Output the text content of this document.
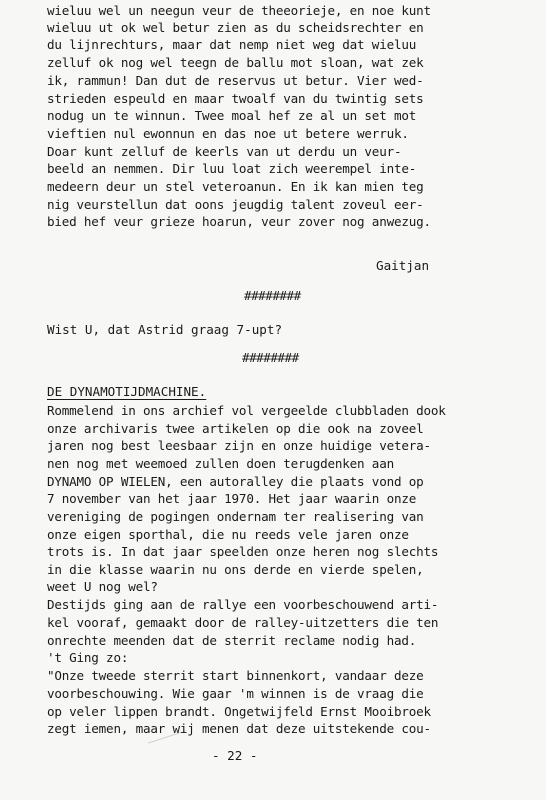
wieluu wel un neegun veur de theeorieje, en noe kunt
wieluu ut ok wel betur zien as du scheidsrechter en
du lijnrechturs, maar dat nemp niet weg dat wieluu
zelluf ok nog wel teegn de ballu mot sloan, wat zek
ik, rammun! Dan dut de reservus ut betur. Vier wed-
strieden espeuld en maar twoalf van du twintig sets
nodug un te winnun. Twee moal hef ze al un set mot
vieftien nul ewonnun en das noe ut betere werruk.
Doar kunt zelluf de keerls van ut derdu un veur-
beeld an nemmen. Dir luu loat zich weerempel inte-
medeern deur un stel veteroanun. En ik kan mien teg
nig veurstellun dat oons jeugdig talent zoveul eer-
bied hef veur grieze hoarun, veur zover nog anwezug.
Gaitjan
########
Wist U, dat Astrid graag 7-upt?
########
DE DYNAMOTIJDMACHINE.
Rommelend in ons archief vol vergeelde clubbladen dook
onze archivaris twee artikelen op die ook na zoveel
jaren nog best leesbaar zijn en onze huidige vetera-
nen nog met weemoed zullen doen terugdenken aan
DYNAMO OP WIELEN, een autoralley die plaats vond op
7 november van het jaar 1970. Het jaar waarin onze
vereniging de pogingen ondernam ter realisering van
onze eigen sporthal, die nu reeds vele jaren onze
trots is. In dat jaar speelden onze heren nog slechts
in die klasse waarin nu ons derde en vierde spelen,
weet U nog wel?
Destijds ging aan de rallye een voorbeschouwend arti-
kel vooraf, gemaakt door de ralley-uitzetters die ten
onrechte meenden dat de sterrit reclame nodig had.
't Ging zo:
"Onze tweede sterrit start binnenkort, vandaar deze
voorbeschouwing. Wie gaar 'm winnen is de vraag die
op veler lippen brandt. Ongetwijfeld Ernst Mooibroek
zegt iemen, maar wij menen dat deze uitstekende cou-
- 22 -
